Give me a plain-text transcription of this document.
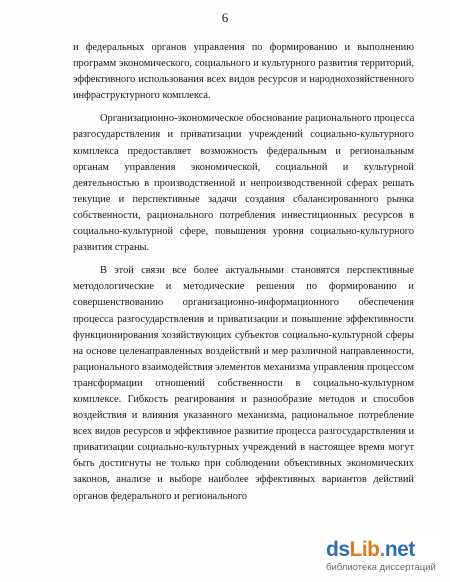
6
и федеральных органов управления по формированию и выполнению
программ экономического, социального и культурного развития территорий,
эффективного использования всех видов ресурсов и народнохозяйственного
инфраструктурного комплекса.
Организационно-экономическое обоснование рационального процесса
разгосударствления и приватизации учреждений социально-культурного
комплекса предоставляет возможность федеральным и региональным
органам управления экономической, социальной и культурной
деятельностью в производственной и непроизводственной сферах решать
текущие и перспективные задачи создания сбалансированного рынка
собственности, рационального потребления инвестиционных ресурсов в
социально-культурной сфере, повышения уровня социально-культурного
развития страны.
В этой связи все более актуальными становятся перспективные
методологические и методические решения по формированию и
совершенствованию организационно-информационного обеспечения
процесса разгосударствления и приватизации и повышение эффективности
функционирования хозяйствующих субъектов социально-культурной сферы
на основе целенаправленных воздействий и мер различной направленности,
рационального взаимодействия элементов механизма управления процессом
трансформации отношений собственности в социально-культурном
комплексе. Гибкость реагирования и разнообразие методов и способов
воздействия и влияния указанного механизма, рациональное потребление
всех видов ресурсов и эффективное развитие процесса разгосударствления и
приватизации социально-культурных учреждений в настоящее время могут
быть достигнуты не только при соблюдении объективных экономических
законов, анализе и выборе наиболее эффективных вариантов действий
органов федерального и регионального
dsLib.net
библиотека диссертаций
